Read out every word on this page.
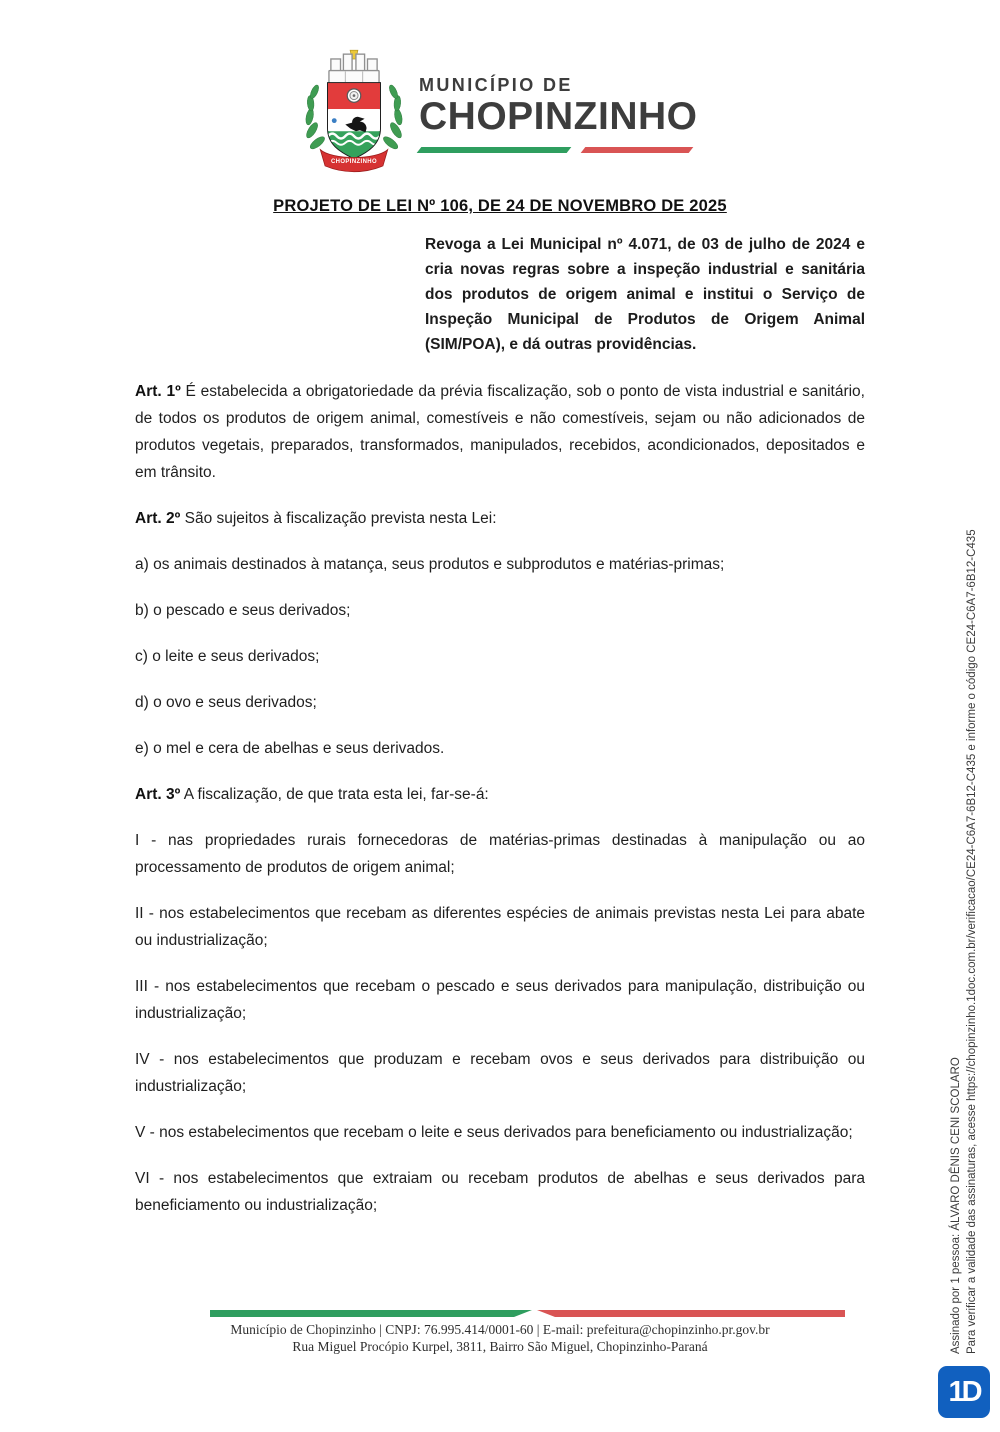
CHOPINZINHO
MUNICÍPIO DE
CHOPINZINHO
PROJETO DE LEI Nº 106, DE 24 DE NOVEMBRO DE 2025

Revoga a Lei Municipal nº 4.071, de 03 de julho de 2024 e cria novas regras sobre a inspeção industrial e sanitária dos produtos de origem animal e institui o Serviço de Inspeção Municipal de Produtos de Origem Animal (SIM/POA), e dá outras providências.

Art. 1º É estabelecida a obrigatoriedade da prévia fiscalização, sob o ponto de vista industrial e sanitário, de todos os produtos de origem animal, comestíveis e não comestíveis, sejam ou não adicionados de produtos vegetais, preparados, transformados, manipulados, recebidos, acondicionados, depositados e em trânsito.

Art. 2º São sujeitos à fiscalização prevista nesta Lei:

a) os animais destinados à matança, seus produtos e subprodutos e matérias-primas;

b) o pescado e seus derivados;

c) o leite e seus derivados;

d) o ovo e seus derivados;

e) o mel e cera de abelhas e seus derivados.

Art. 3º A fiscalização, de que trata esta lei, far-se-á:

I - nas propriedades rurais fornecedoras de matérias-primas destinadas à manipulação ou ao processamento de produtos de origem animal;

II - nos estabelecimentos que recebam as diferentes espécies de animais previstas nesta Lei para abate ou industrialização;

III - nos estabelecimentos que recebam o pescado e seus derivados para manipulação, distribuição ou industrialização;

IV - nos estabelecimentos que produzam e recebam ovos e seus derivados para distribuição ou industrialização;

V - nos estabelecimentos que recebam o leite e seus derivados para beneficiamento ou industrialização;

VI - nos estabelecimentos que extraiam ou recebam produtos de abelhas e seus derivados para beneficiamento ou industrialização;

Município de Chopinzinho | CNPJ: 76.995.414/0001-60 | E-mail: prefeitura@chopinzinho.pr.gov.br
Rua Miguel Procópio Kurpel, 3811, Bairro São Miguel, Chopinzinho-Paraná	Assinado por 1 pessoa: ÁLVARO DÊNIS CENI SCOLARO Para verificar a validade das assinaturas, acesse https://chopinzinho.1doc.com.br/verificacao/CE24-C6A7-6B12-C435 e informe o código CE24-C6A7-6B12-C435
1D
